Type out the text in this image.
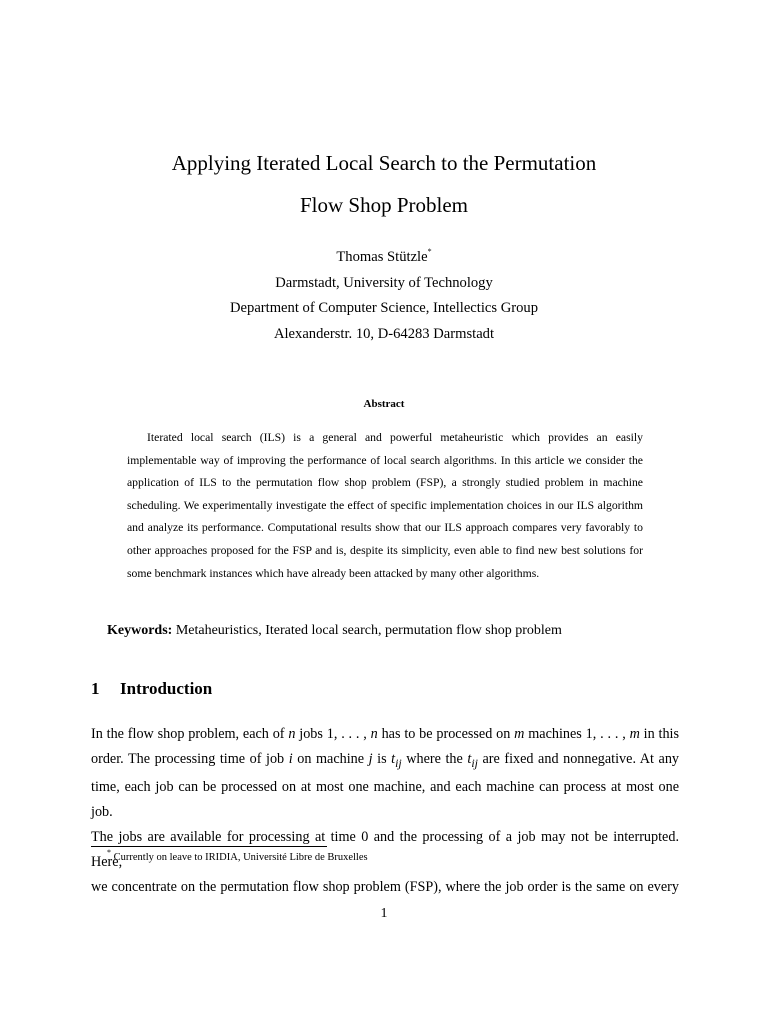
Applying Iterated Local Search to the Permutation
Flow Shop Problem
Thomas Stützle*
Darmstadt, University of Technology
Department of Computer Science, Intellectics Group
Alexanderstr. 10, D-64283 Darmstadt
Abstract

Iterated local search (ILS) is a general and powerful metaheuristic which provides an easily implementable way of improving the performance of local search algorithms. In this article we consider the application of ILS to the permutation flow shop problem (FSP), a strongly studied problem in machine scheduling. We experimentally investigate the effect of specific implementation choices in our ILS algorithm and analyze its performance. Computational results show that our ILS approach compares very favorably to other approaches proposed for the FSP and is, despite its simplicity, even able to find new best solutions for some benchmark instances which have already been attacked by many other algorithms.

Keywords: Metaheuristics, Iterated local search, permutation flow shop problem
1 Introduction
In the flow shop problem, each of n jobs 1, . . . , n has to be processed on m machines 1, . . . , m in this
order. The processing time of job i on machine j is $t_{ij}$ where the $t_{ij}$ are fixed and nonnegative. At any
time, each job can be processed on at most one machine, and each machine can process at most one job.
The jobs are available for processing at time 0 and the processing of a job may not be interrupted. Here,
we concentrate on the permutation flow shop problem (FSP), where the job order is the same on every
* Currently on leave to IRIDIA, Université Libre de Bruxelles
1
